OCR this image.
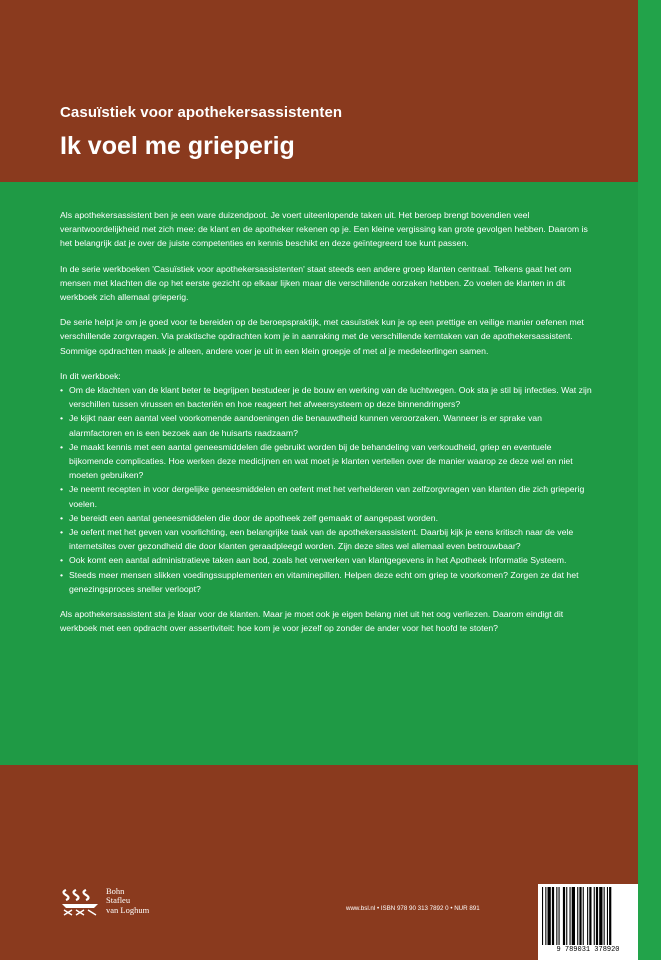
Casuïstiek voor apothekersassistenten
Ik voel me grieperig

Als apothekersassistent ben je een ware duizendpoot. Je voert uiteenlopende taken uit. Het beroep brengt bovendien veel verantwoordelijkheid met zich mee: de klant en de apotheker rekenen op je. Een kleine vergissing kan grote gevolgen hebben. Daarom is het belangrijk dat je over de juiste competenties en kennis beschikt en deze geïntegreerd toe kunt passen.

In de serie werkboeken 'Casuïstiek voor apothekersassistenten' staat steeds een andere groep klanten centraal. Telkens gaat het om mensen met klachten die op het eerste gezicht op elkaar lijken maar die verschillende oorzaken hebben. Zo voelen de klanten in dit werkboek zich allemaal grieperig.

De serie helpt je om je goed voor te bereiden op de beroepspraktijk, met casuïstiek kun je op een prettige en veilige manier oefenen met verschillende zorgvragen. Via praktische opdrachten kom je in aanraking met de verschillende kerntaken van de apothekersassistent. Sommige opdrachten maak je alleen, andere voer je uit in een klein groepje of met al je medeleerlingen samen.

In dit werkboek:

• Om de klachten van de klant beter te begrijpen bestudeer je de bouw en werking van de luchtwegen. Ook sta je stil bij infecties. Wat zijn verschillen tussen virussen en bacteriën en hoe reageert het afweersysteem op deze binnendringers?
• Je kijkt naar een aantal veel voorkomende aandoeningen die benauwdheid kunnen veroorzaken. Wanneer is er sprake van alarmfactoren en is een bezoek aan de huisarts raadzaam?
• Je maakt kennis met een aantal geneesmiddelen die gebruikt worden bij de behandeling van verkoudheid, griep en eventuele bijkomende complicaties. Hoe werken deze medicijnen en wat moet je klanten vertellen over de manier waarop ze deze wel en niet moeten gebruiken?
• Je neemt recepten in voor dergelijke geneesmiddelen en oefent met het verhelderen van zelfzorgvragen van klanten die zich grieperig voelen.
• Je bereidt een aantal geneesmiddelen die door de apotheek zelf gemaakt of aangepast worden.
• Je oefent met het geven van voorlichting, een belangrijke taak van de apothekersassistent. Daarbij kijk je eens kritisch naar de vele internetsites over gezondheid die door klanten geraadpleegd worden. Zijn deze sites wel allemaal even betrouwbaar?
• Ook komt een aantal administratieve taken aan bod, zoals het verwerken van klantgegevens in het Apotheek Informatie Systeem.
• Steeds meer mensen slikken voedingssupplementen en vitaminepillen. Helpen deze echt om griep te voorkomen? Zorgen ze dat het genezingsproces sneller verloopt?

Als apothekersassistent sta je klaar voor de klanten. Maar je moet ook je eigen belang niet uit het oog verliezen. Daarom eindigt dit werkboek met een opdracht over assertiviteit: hoe kom je voor jezelf op zonder de ander voor het hoofd te stoten?

Bohn
Stafleu
van Loghum	www.bsl.nl • ISBN 978 90 313 7892 0 • NUR 891
9 789031 378920
